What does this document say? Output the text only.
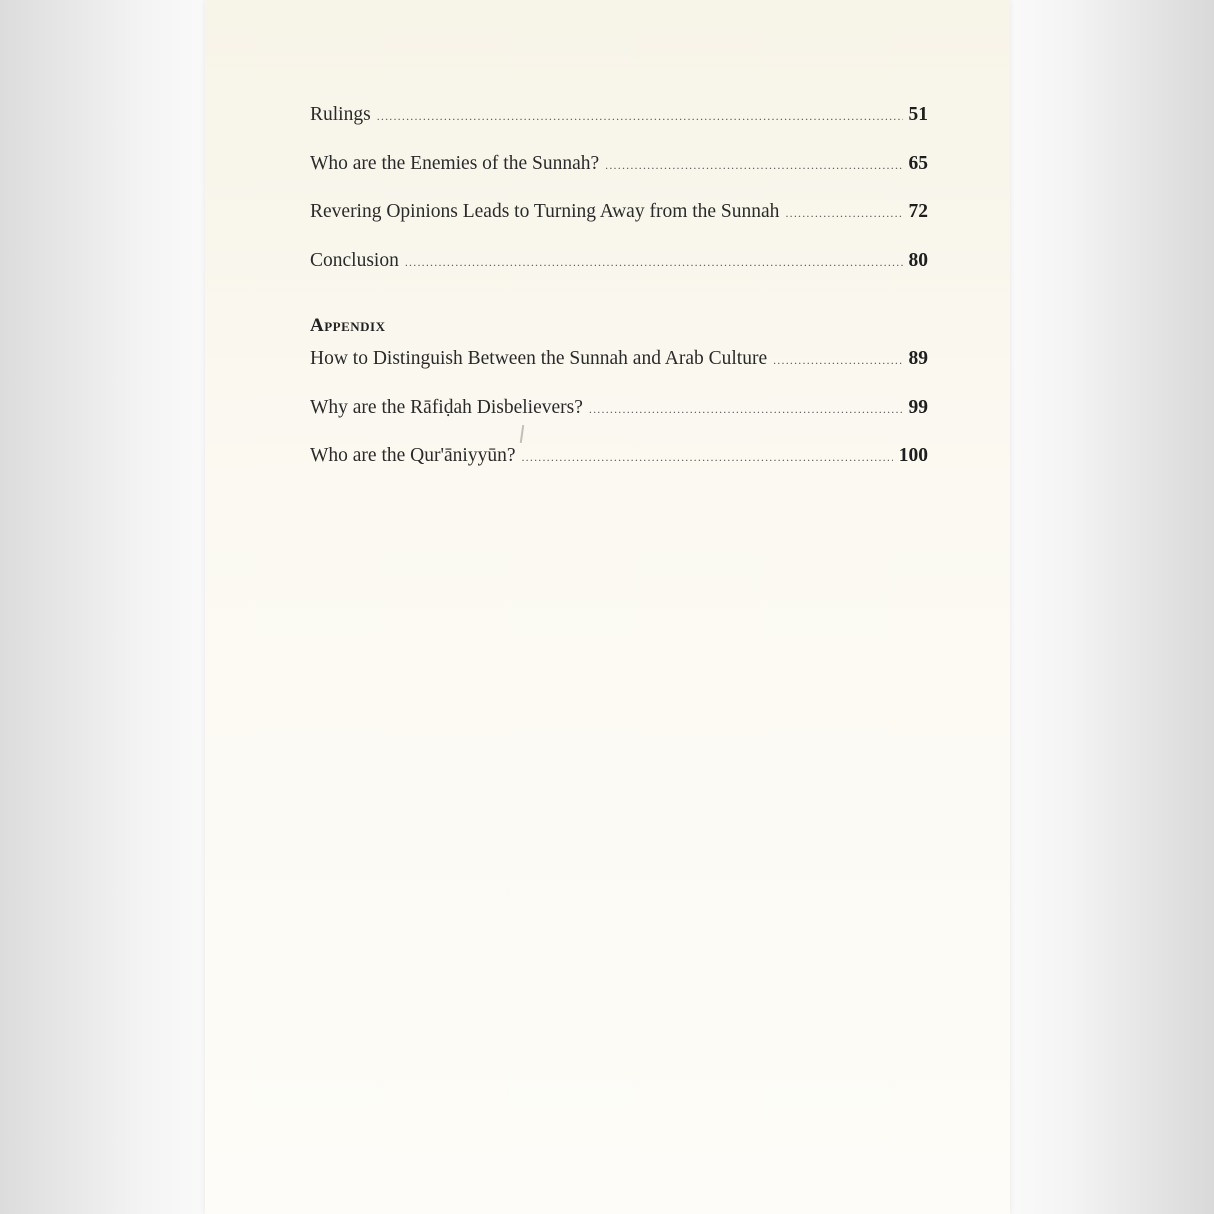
Rulings .....	51
Who are the Enemies of the Sunnah? .....	65
Revering Opinions Leads to Turning Away from the Sunnah .....	72
Conclusion .....	80
Appendix
How to Distinguish Between the Sunnah and Arab Culture .....	89
Why are the Rāfiḍah Disbelievers? .....	99
Who are the Qur'āniyyūn? .....	100
